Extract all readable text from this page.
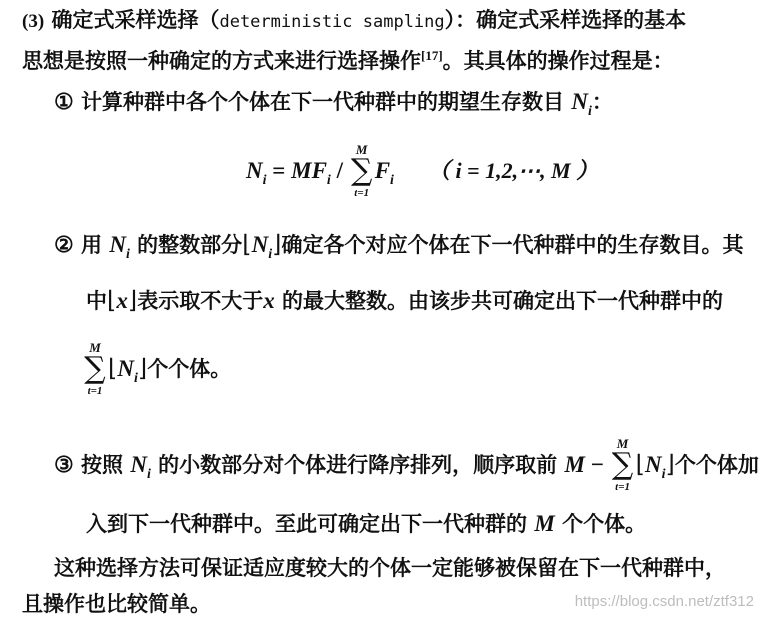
(3) 确定式采样选择（deterministic sampling）：确定式采样选择的基本
思想是按照一种确定的方式来进行选择操作[17]。其具体的操作过程是：
① 计算种群中各个个体在下一代种群中的期望生存数目 $N_i$：
$N_i = MF_i$ /
M
∑
t=1
$F_i$ （ i = 1,2,⋯, M ）
② 用 $N_i$ 的整数部分$⌊N_i⌋$确定各个对应个体在下一代种群中的生存数目。其
中⌊x⌋表示取不大于x 的最大整数。由该步共可确定出下一代种群中的
M
∑
t=1
$⌊N_i⌋$个个体。
③ 按照 $N_i$ 的小数部分对个体进行降序排列，顺序取前 M −
M
∑
t=1
$⌊N_i⌋$个个体加
入到下一代种群中。至此可确定出下一代种群的 M 个个体。
这种选择方法可保证适应度较大的个体一定能够被保留在下一代种群中，
且操作也比较简单。	https://blog.csdn.net/ztf312
